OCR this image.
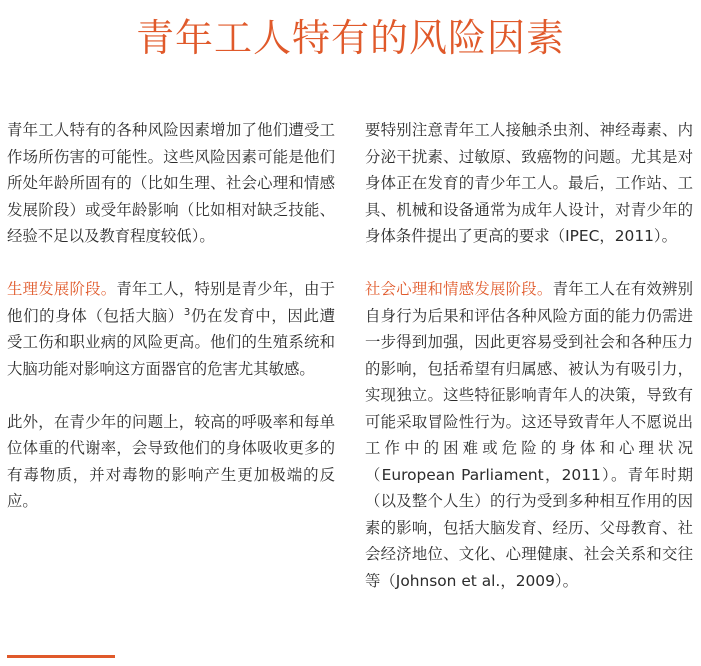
青年工人特有的风险因素

青年工人特有的各种风险因素增加了他们遭受工作场所伤害的可能性。这些风险因素可能是他们所处年龄所固有的（比如生理、社会心理和情感发展阶段）或受年龄影响（比如相对缺乏技能、经验不足以及教育程度较低）。

生理发展阶段。青年工人，特别是青少年，由于他们的身体（包括大脑）$^3$仍在发育中，因此遭受工伤和职业病的风险更高。他们的生殖系统和大脑功能对影响这方面器官的危害尤其敏感。

此外，在青少年的问题上，较高的呼吸率和每单位体重的代谢率，会导致他们的身体吸收更多的有毒物质，并对毒物的影响产生更加极端的反应。

要特别注意青年工人接触杀虫剂、神经毒素、内分泌干扰素、过敏原、致癌物的问题。尤其是对身体正在发育的青少年工人。最后，工作站、工具、机械和设备通常为成年人设计，对青少年的身体条件提出了更高的要求（IPEC，2011）。

社会心理和情感发展阶段。青年工人在有效辨别自身行为后果和评估各种风险方面的能力仍需进一步得到加强，因此更容易受到社会和各种压力的影响，包括希望有归属感、被认为有吸引力，实现独立。这些特征影响青年人的决策，导致有可能采取冒险性行为。这还导致青年人不愿说出工作中的困难或危险的身体和心理状况（European Parliament，2011）。青年时期（以及整个人生）的行为受到多种相互作用的因素的影响，包括大脑发育、经历、父母教育、社会经济地位、文化、心理健康、社会关系和交往等（Johnson et al.，2009）。
